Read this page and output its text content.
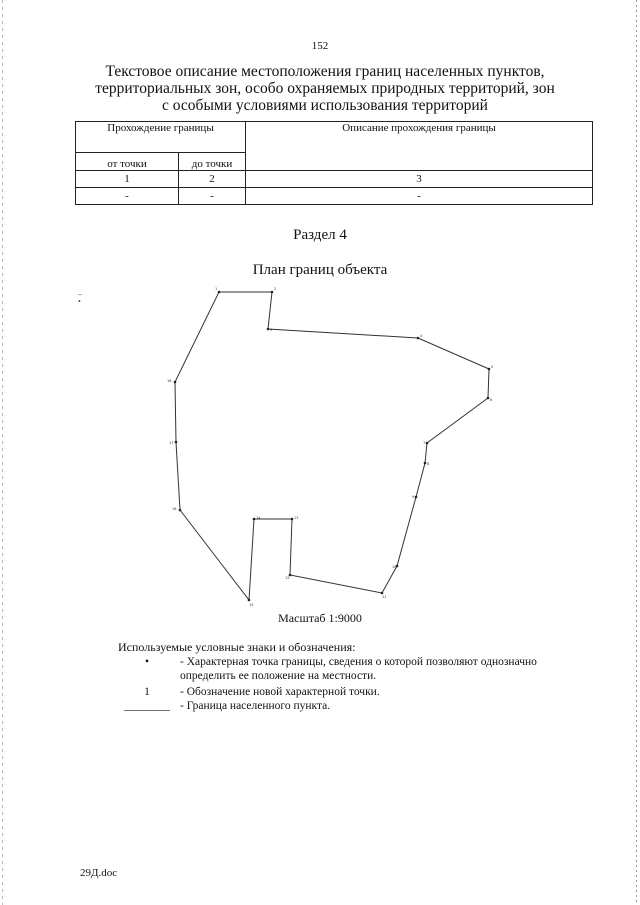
152
Текстовое описание местоположения границ населенных пунктов,
территориальных зон, особо охраняемых природных территорий, зон
с особыми условиями использования территорий
Прохождение границы		Описание прохождения границы
от точки	до точки	
1	2	3
-	-	-
Раздел 4
План границ объекта
–
•
1	2
3
4
5
6
7
8
9
10
11
12
13
14
15
16
17
18
Масштаб 1:9000
Используемые условные знаки и обозначения:
•	- Характерная точка границы, сведения о которой позволяют однозначно
определить ее положение на местности.
1	- Обозначение новой характерной точки.
________ - Граница населенного пункта.
29Д.doc
